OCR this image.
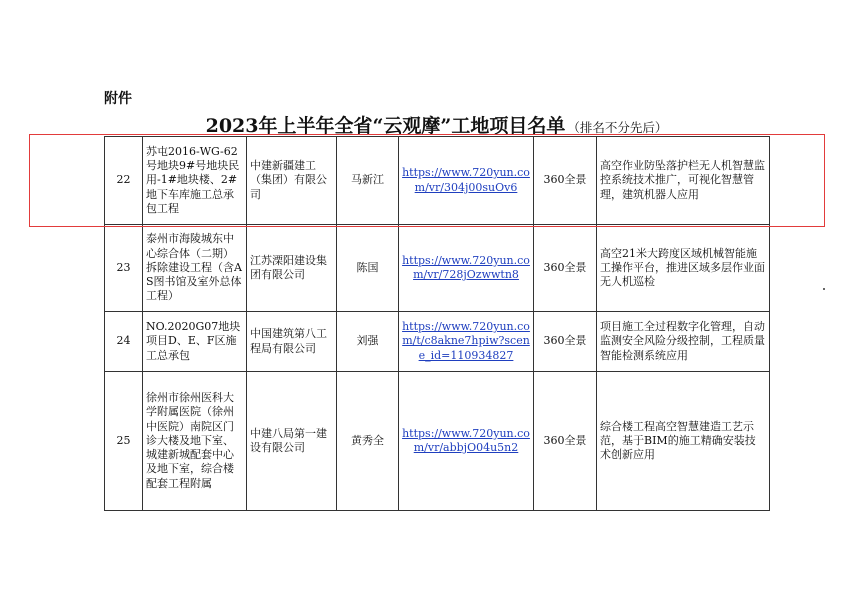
附件
2023年上半年全省“云观摩”工地项目名单 （排名不分先后）
22	苏屯2016-WG-62号地块9#号地块民用-1#地块楼、2#地下车库施工总承包工程	中建新疆建工（集团）有限公司	马新江	https://www.720yun.com/vr/304j00suOv6	360全景	高空作业防坠落护栏无人机智慧监控系统技术推广，可视化智慧管理，建筑机器人应用
23	泰州市海陵城东中心综合体（二期）拆除建设工程（含AS图书馆及室外总体工程）	江苏溧阳建设集团有限公司	陈国	https://www.720yun.com/vr/728jOzwwtn8	360全景	高空21米大跨度区域机械智能施工操作平台，推进区域多层作业面无人机巡检
24	NO.2020G07地块项目D、E、F区施工总承包	中国建筑第八工程局有限公司	刘强	https://www.720yun.com/t/c8akne7hpiw?scene_id=110934827	360全景	项目施工全过程数字化管理，自动监测安全风险分级控制，工程质量智能检测系统应用
25	徐州市徐州医科大学附属医院（徐州中医院）南院区门诊大楼及地下室、城建新城配套中心及地下室，综合楼配套工程附属	中建八局第一建设有限公司	黄秀全	https://www.720yun.com/vr/abbjO04u5n2	360全景	综合楼工程高空智慧建造工艺示范，基于BIM的施工精确安装技术创新应用
